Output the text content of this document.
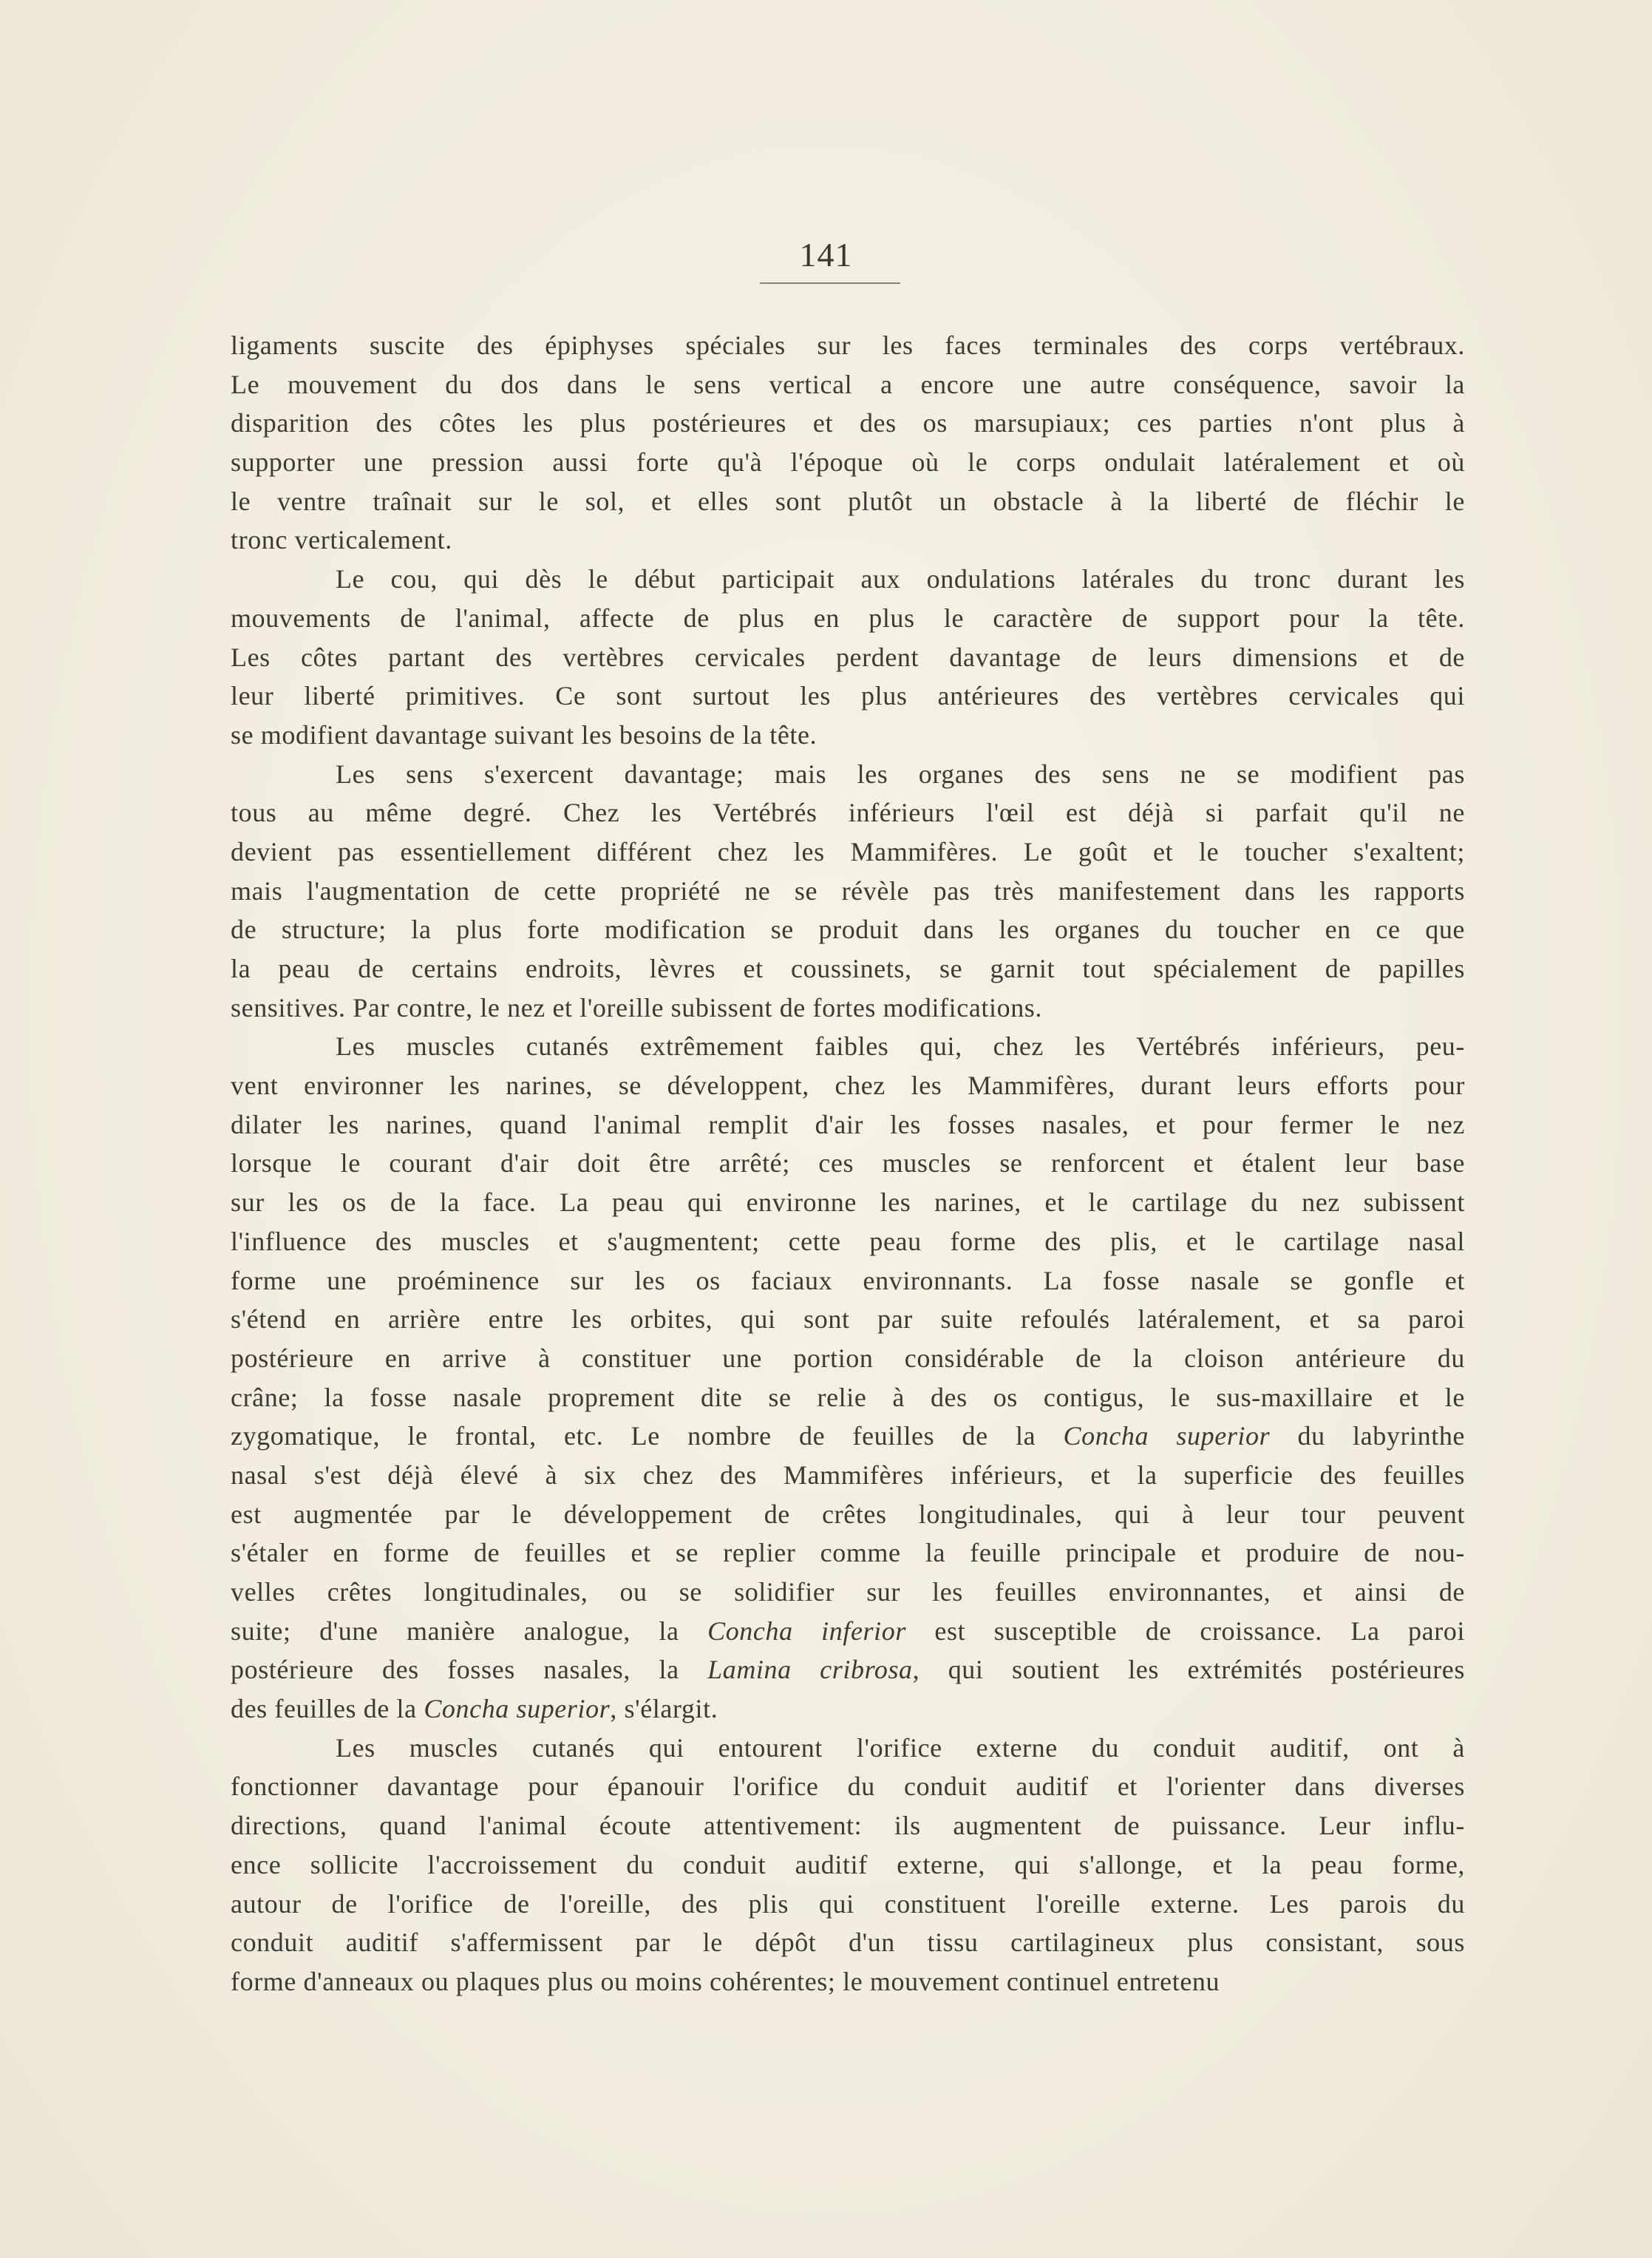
141
ligaments suscite des épiphyses spéciales sur les faces terminales des corps vertébraux.
Le mouvement du dos dans le sens vertical a encore une autre conséquence, savoir la
disparition des côtes les plus postérieures et des os marsupiaux; ces parties n'ont plus à
supporter une pression aussi forte qu'à l'époque où le corps ondulait latéralement et où
le ventre traînait sur le sol, et elles sont plutôt un obstacle à la liberté de fléchir le
tronc verticalement.
Le cou, qui dès le début participait aux ondulations latérales du tronc durant les
mouvements de l'animal, affecte de plus en plus le caractère de support pour la tête.
Les côtes partant des vertèbres cervicales perdent davantage de leurs dimensions et de
leur liberté primitives. Ce sont surtout les plus antérieures des vertèbres cervicales qui
se modifient davantage suivant les besoins de la tête.
Les sens s'exercent davantage; mais les organes des sens ne se modifient pas
tous au même degré. Chez les Vertébrés inférieurs l'œil est déjà si parfait qu'il ne
devient pas essentiellement différent chez les Mammifères. Le goût et le toucher s'exaltent;
mais l'augmentation de cette propriété ne se révèle pas très manifestement dans les rapports
de structure; la plus forte modification se produit dans les organes du toucher en ce que
la peau de certains endroits, lèvres et coussinets, se garnit tout spécialement de papilles
sensitives. Par contre, le nez et l'oreille subissent de fortes modifications.
Les muscles cutanés extrêmement faibles qui, chez les Vertébrés inférieurs, peu-
vent environner les narines, se développent, chez les Mammifères, durant leurs efforts pour
dilater les narines, quand l'animal remplit d'air les fosses nasales, et pour fermer le nez
lorsque le courant d'air doit être arrêté; ces muscles se renforcent et étalent leur base
sur les os de la face. La peau qui environne les narines, et le cartilage du nez subissent
l'influence des muscles et s'augmentent; cette peau forme des plis, et le cartilage nasal
forme une proéminence sur les os faciaux environnants. La fosse nasale se gonfle et
s'étend en arrière entre les orbites, qui sont par suite refoulés latéralement, et sa paroi
postérieure en arrive à constituer une portion considérable de la cloison antérieure du
crâne; la fosse nasale proprement dite se relie à des os contigus, le sus-maxillaire et le
zygomatique, le frontal, etc. Le nombre de feuilles de la Concha superior du labyrinthe
nasal s'est déjà élevé à six chez des Mammifères inférieurs, et la superficie des feuilles
est augmentée par le développement de crêtes longitudinales, qui à leur tour peuvent
s'étaler en forme de feuilles et se replier comme la feuille principale et produire de nou-
velles crêtes longitudinales, ou se solidifier sur les feuilles environnantes, et ainsi de
suite; d'une manière analogue, la Concha inferior est susceptible de croissance. La paroi
postérieure des fosses nasales, la Lamina cribrosa, qui soutient les extrémités postérieures
des feuilles de la Concha superior, s'élargit.
Les muscles cutanés qui entourent l'orifice externe du conduit auditif, ont à
fonctionner davantage pour épanouir l'orifice du conduit auditif et l'orienter dans diverses
directions, quand l'animal écoute attentivement: ils augmentent de puissance. Leur influ-
ence sollicite l'accroissement du conduit auditif externe, qui s'allonge, et la peau forme,
autour de l'orifice de l'oreille, des plis qui constituent l'oreille externe. Les parois du
conduit auditif s'affermissent par le dépôt d'un tissu cartilagineux plus consistant, sous
forme d'anneaux ou plaques plus ou moins cohérentes; le mouvement continuel entretenu
